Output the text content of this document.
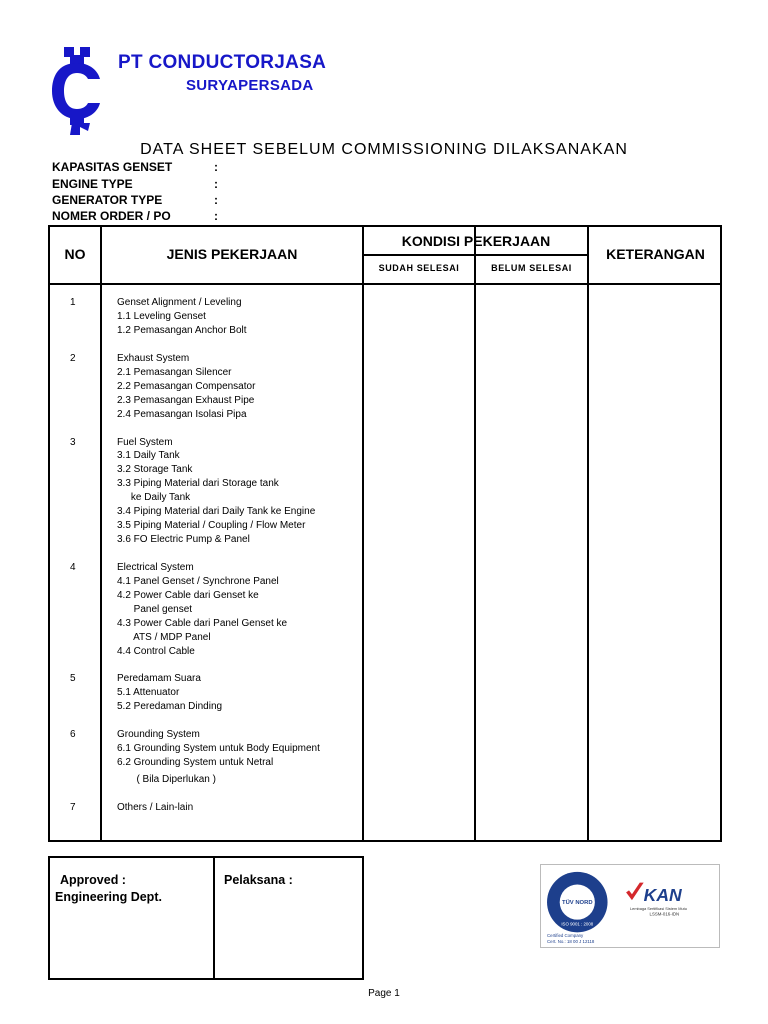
PT CONDUCTORJASA
SURYAPERSADA
DATA SHEET SEBELUM COMMISSIONING DILAKSANAKAN
KAPASITAS GENSET	:
ENGINE TYPE	:
GENERATOR TYPE	:
NOMER ORDER / PO	:
NO	JENIS PEKERJAAN
KONDISI PEKERJAAN
SUDAH SELESAI	BELUM SELESAI
KETERANGAN
1	Genset Alignment / Leveling
1.1 Leveling Genset
1.2 Pemasangan Anchor Bolt
2	Exhaust System
2.1 Pemasangan Silencer
2.2 Pemasangan Compensator
2.3 Pemasangan Exhaust Pipe
2.4 Pemasangan Isolasi Pipa
3	Fuel System
3.1 Daily Tank
3.2 Storage Tank
3.3 Piping Material dari Storage tank
ke Daily Tank
3.4 Piping Material dari Daily Tank ke Engine
3.5 Piping Material / Coupling / Flow Meter
3.6 FO Electric Pump & Panel
4	Electrical System
4.1 Panel Genset / Synchrone Panel
4.2 Power Cable dari Genset ke
Panel genset
4.3 Power Cable dari Panel Genset ke
ATS / MDP Panel
4.4 Control Cable
5	Peredamam Suara
5.1 Attenuator
5.2 Peredaman Dinding
6	Grounding System
6.1 Grounding System untuk Body Equipment
6.2 Grounding System untuk Netral
( Bila Diperlukan )
7	Others / Lain-lain
Approved :
Engineering Dept.
Pelaksana :
TÜV NORD
ISO 9001 : 2008
KAN
Lembaga Sertifikasi Sistem Mutu
LSSM-016-IDN
Certified Company
Cert. No.: 18 00 J 12118
Page 1
